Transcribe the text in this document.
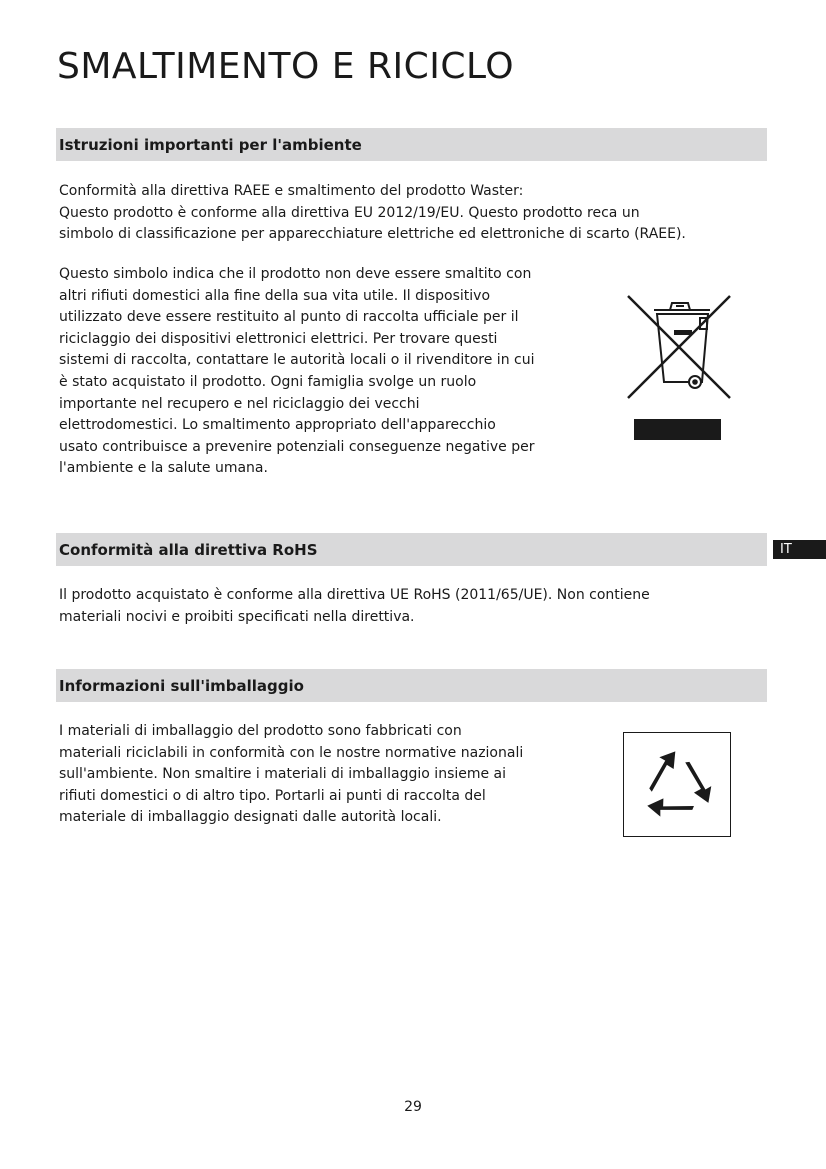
SMALTIMENTO E RICICLO
Istruzioni importanti per l'ambiente
Conformità alla direttiva RAEE e smaltimento del prodotto Waster:
Questo prodotto è conforme alla direttiva EU 2012/19/EU. Questo prodotto reca un
simbolo di classificazione per apparecchiature elettriche ed elettroniche di scarto (RAEE).
Questo simbolo indica che il prodotto non deve essere smaltito con
altri rifiuti domestici alla fine della sua vita utile. Il dispositivo
utilizzato deve essere restituito al punto di raccolta ufficiale per il
riciclaggio dei dispositivi elettronici elettrici. Per trovare questi
sistemi di raccolta, contattare le autorità locali o il rivenditore in cui
è stato acquistato il prodotto. Ogni famiglia svolge un ruolo
importante nel recupero e nel riciclaggio dei vecchi
elettrodomestici. Lo smaltimento appropriato dell'apparecchio
usato contribuisce a prevenire potenziali conseguenze negative per
l'ambiente e la salute umana.
Conformità alla direttiva RoHS	IT
Il prodotto acquistato è conforme alla direttiva UE RoHS (2011/65/UE). Non contiene
materiali nocivi e proibiti specificati nella direttiva.
Informazioni sull'imballaggio
I materiali di imballaggio del prodotto sono fabbricati con
materiali riciclabili in conformità con le nostre normative nazionali
sull'ambiente. Non smaltire i materiali di imballaggio insieme ai
rifiuti domestici o di altro tipo. Portarli ai punti di raccolta del
materiale di imballaggio designati dalle autorità locali.
29
